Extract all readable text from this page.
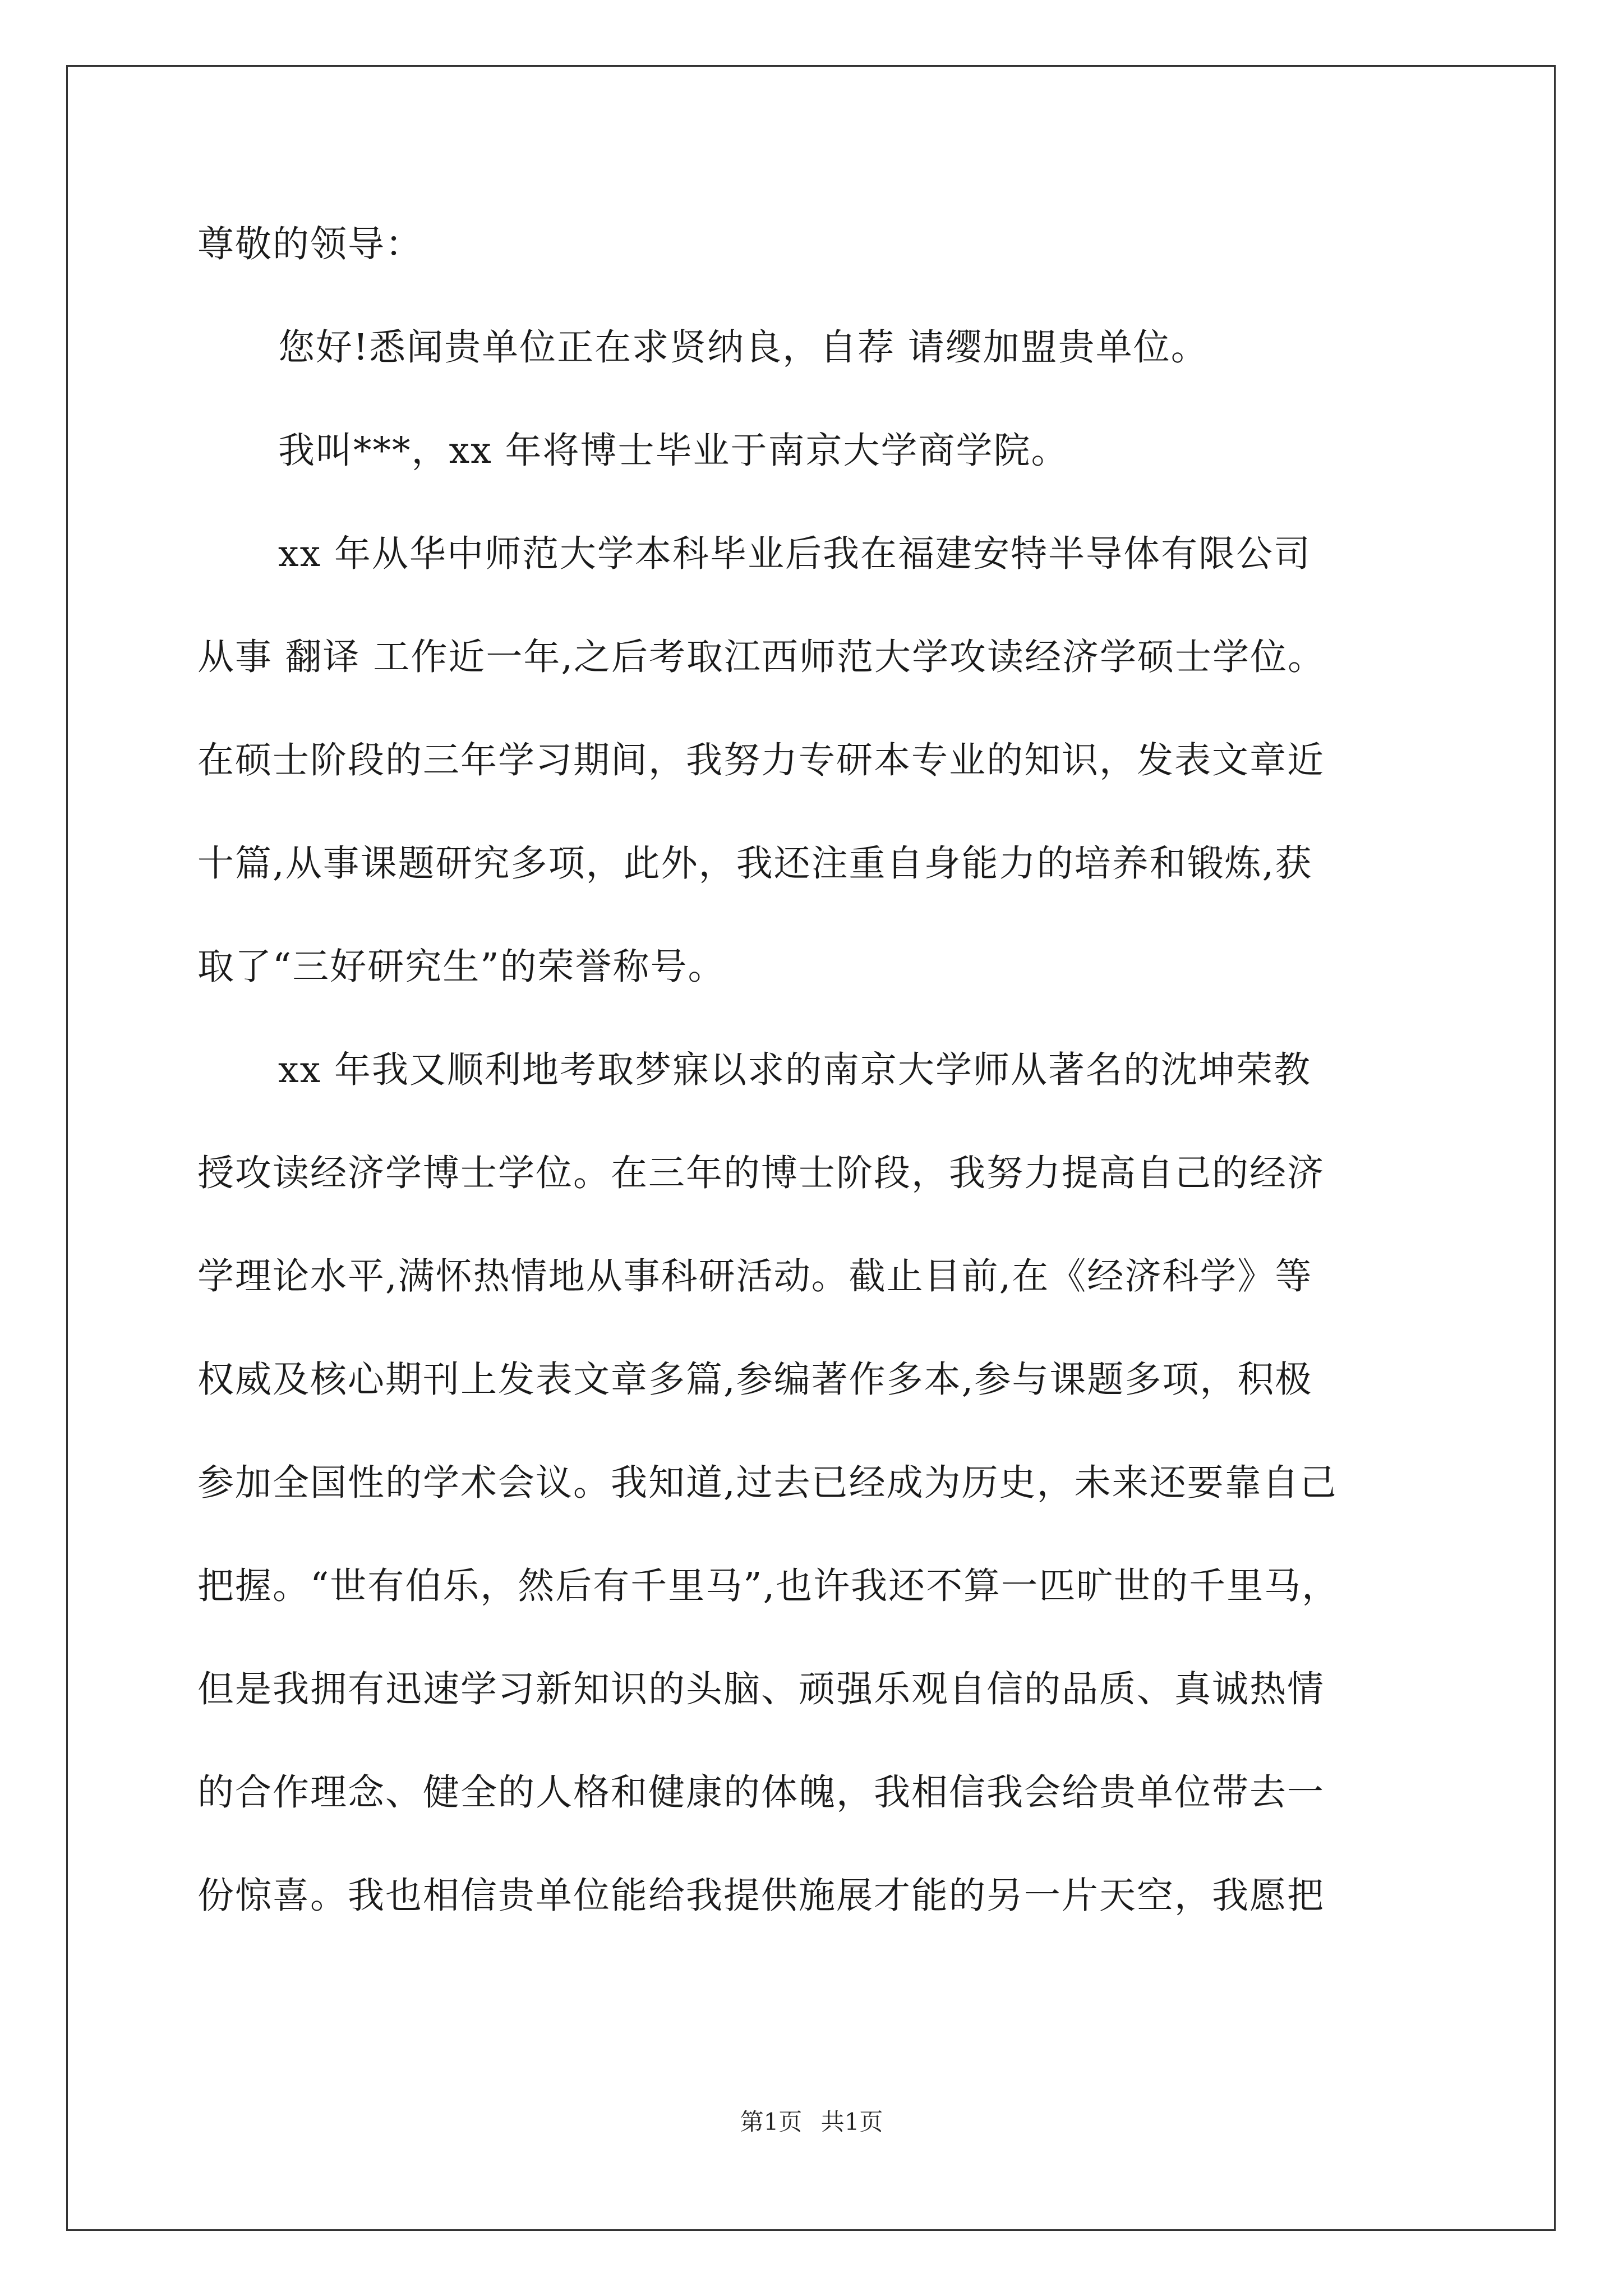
尊敬的领导：
您好!悉闻贵单位正在求贤纳良，自荐 请缨加盟贵单位。
我叫***，xx 年将博士毕业于南京大学商学院。
xx 年从华中师范大学本科毕业后我在福建安特半导体有限公司
从事 翻译 工作近一年,之后考取江西师范大学攻读经济学硕士学位。
在硕士阶段的三年学习期间，我努力专研本专业的知识，发表文章近
十篇,从事课题研究多项，此外，我还注重自身能力的培养和锻炼,获
取了“三好研究生”的荣誉称号。
xx 年我又顺利地考取梦寐以求的南京大学师从著名的沈坤荣教
授攻读经济学博士学位。在三年的博士阶段，我努力提高自己的经济
学理论水平,满怀热情地从事科研活动。截止目前,在《经济科学》等
权威及核心期刊上发表文章多篇,参编著作多本,参与课题多项，积极
参加全国性的学术会议。我知道,过去已经成为历史，未来还要靠自己
把握。“世有伯乐，然后有千里马”,也许我还不算一匹旷世的千里马，
但是我拥有迅速学习新知识的头脑、顽强乐观自信的品质、真诚热情
的合作理念、健全的人格和健康的体魄，我相信我会给贵单位带去一
份惊喜。我也相信贵单位能给我提供施展才能的另一片天空，我愿把
第1页 共1页
